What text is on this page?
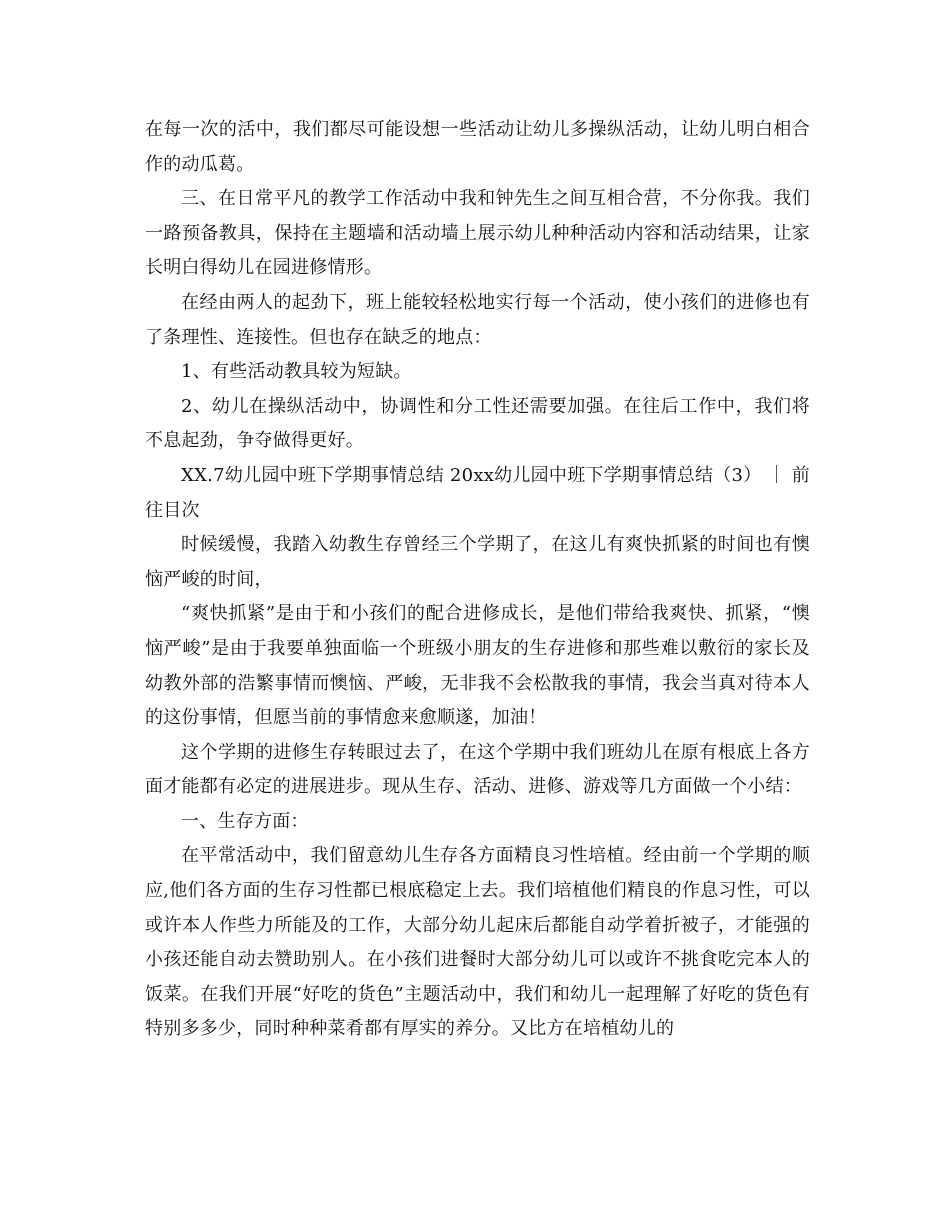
在每一次的活中，我们都尽可能设想一些活动让幼儿多操纵活动，让幼儿明白相合作的动瓜葛。

三、在日常平凡的教学工作活动中我和钟先生之间互相合营，不分你我。我们一路预备教具，保持在主题墙和活动墙上展示幼儿种种活动内容和活动结果，让家长明白得幼儿在园进修情形。

在经由两人的起劲下，班上能较轻松地实行每一个活动，使小孩们的进修也有了条理性、连接性。但也存在缺乏的地点：

1、有些活动教具较为短缺。

2、幼儿在操纵活动中，协调性和分工性还需要加强。在往后工作中，我们将不息起劲，争夺做得更好。

XX.7幼儿园中班下学期事情总结 20xx幼儿园中班下学期事情总结（3） ｜ 前往目次

时候缓慢，我踏入幼教生存曾经三个学期了，在这儿有爽快抓紧的时间也有懊恼严峻的时间，

“爽快抓紧”是由于和小孩们的配合进修成长，是他们带给我爽快、抓紧，“懊恼严峻”是由于我要单独面临一个班级小朋友的生存进修和那些难以敷衍的家长及幼教外部的浩繁事情而懊恼、严峻，无非我不会松散我的事情，我会当真对待本人的这份事情，但愿当前的事情愈来愈顺遂，加油！

这个学期的进修生存转眼过去了，在这个学期中我们班幼儿在原有根底上各方面才能都有必定的进展进步。现从生存、活动、进修、游戏等几方面做一个小结：

一、生存方面：

在平常活动中，我们留意幼儿生存各方面精良习性培植。经由前一个学期的顺应,他们各方面的生存习性都已根底稳定上去。我们培植他们精良的作息习性，可以或许本人作些力所能及的工作，大部分幼儿起床后都能自动学着折被子，才能强的小孩还能自动去赞助别人。在小孩们进餐时大部分幼儿可以或许不挑食吃完本人的饭菜。在我们开展“好吃的货色”主题活动中，我们和幼儿一起理解了好吃的货色有特别多多少，同时种种菜肴都有厚实的养分。又比方在培植幼儿的
